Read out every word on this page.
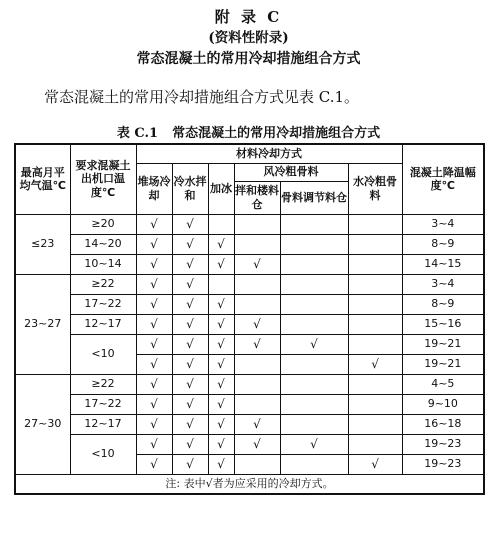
附 录 C
(资料性附录)
常态混凝土的常用冷却措施组合方式
常态混凝土的常用冷却措施组合方式见表 C.1。
表 C.1 常态混凝土的常用冷却措施组合方式
最高月平均气温℃	要求混凝土出机口温度℃	材料冷却方式						混凝土降温幅度℃
		堆场冷却	冷水拌和	加冰	风冷粗骨料		水冷粗骨料	
					拌和楼料仓	骨料调节料仓		
≤23	≥20	√	√					3~4
	14~20	√	√	√				8~9
	10~14	√	√	√	√			14~15
23~27	≥22	√	√					3~4
	17~22	√	√	√				8~9
	12~17	√	√	√	√			15~16
	<10	√	√	√	√	√		19~21
		√	√	√			√	19~21
27~30	≥22	√	√	√				4~5
	17~22	√	√	√				9~10
	12~17	√	√	√	√			16~18
	<10	√	√	√	√	√		19~23
		√	√	√			√	19~23
注: 表中√者为应采用的冷却方式。								
